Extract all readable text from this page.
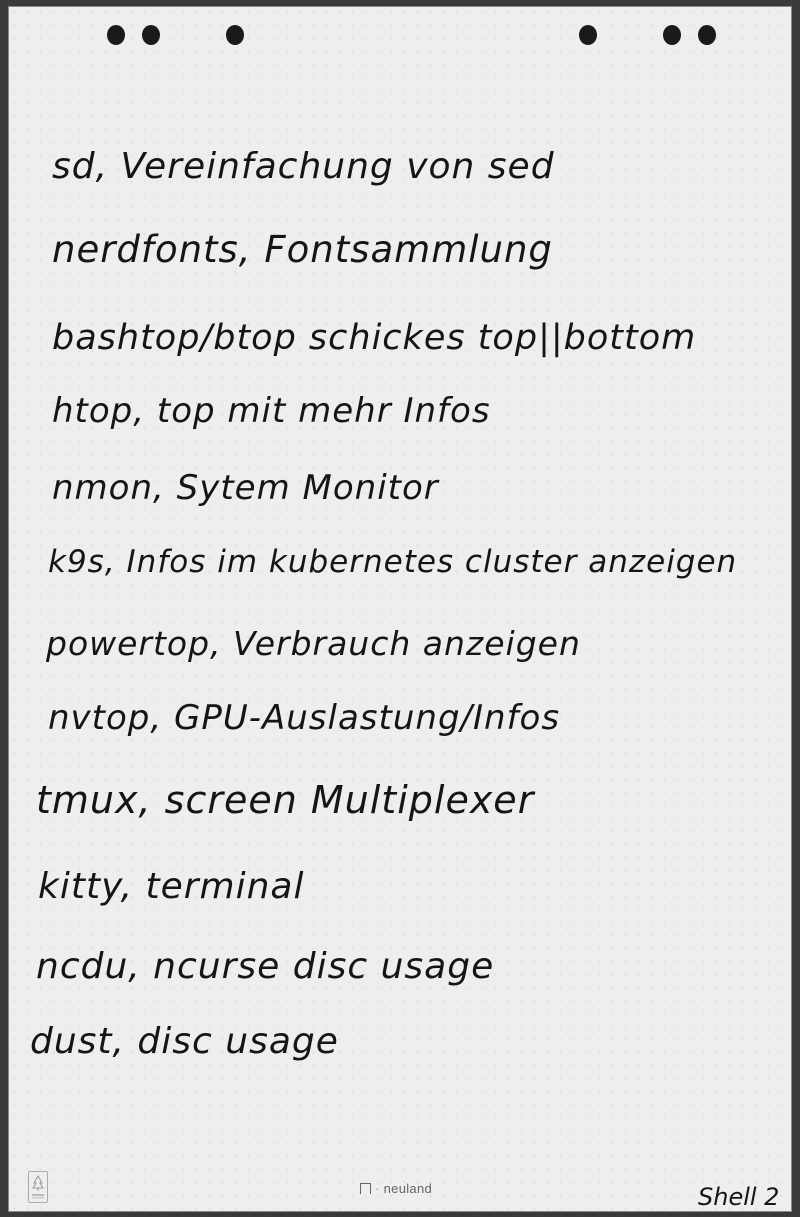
sd, Vereinfachung von sed
nerdfonts, Fontsammlung
bashtop/btop schickes top||bottom
htop, top mit mehr Infos
nmon, Sytem Monitor
k9s, Infos im kubernetes cluster anzeigen
powertop, Verbrauch anzeigen
nvtop, GPU-Auslastung/Infos
tmux, screen Multiplexer
kitty, terminal
ncdu, ncurse disc usage
dust, disc usage
· neuland	Shell 2
